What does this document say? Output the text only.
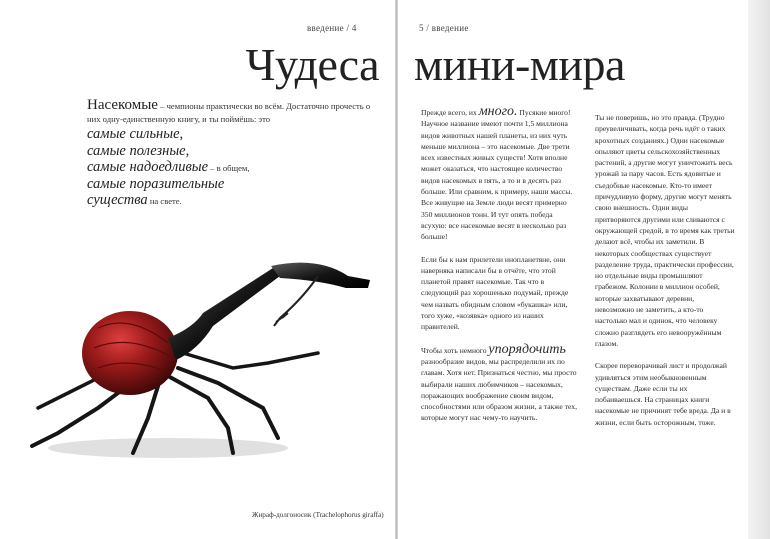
введение / 4
Чудеса
Насекомые – чемпионы практически во всём. Достаточно прочесть о них одну-единственную книгу, и ты поймёшь: это
самые сильные,
самые полезные,
самые надоедливые – в общем,
самые поразительные
существа на свете.
Жираф-долгоносик (Trachelophorus giraffa)
5 / введение
мини-мира

Прежде всего, их много. Пусякие много! Научное название имеют почти 1,5 миллиона видов животных нашей планеты, из них чуть меньше миллиона – это насекомые. Две трети всех известных живых существ! Хотя вполне может оказаться, что настоящее количество видов насекомых в пять, а то и в десять раз больше. Или сравним, к примеру, наши массы. Все живущие на Земле люди весят примерно 350 миллионов тонн. И тут опять победа всухую: все насекомые весят в несколько раз больше!

Если бы к нам прилетели инопланетяне, они наверняка написали бы в отчёте, что этой планетой правят насекомые. Так что в следующий раз хорошенько подумай, прежде чем назвать обидным словом «букашка» или, того хуже, «козявка» одного из наших правителей.

Чтобы хоть немного упорядочить разнообразие видов, мы распределили их по главам. Хотя нет. Признаться честно, мы просто выбирали наших любимчиков – насекомых, поражающих воображение своим видом, способностями или образом жизни, а также тех, которые могут нас чему-то научить.

Ты не поверишь, но это правда. (Трудно преувеличивать, когда речь идёт о таких крохотных созданиях.) Одни насекомые опыляют цветы сельскохозяйственных растений, а другие могут уничтожить весь урожай за пару часов. Есть ядовитые и съедобные насекомые. Кто-то имеет причудливую форму, другие могут менять свою внешность. Одни виды притворяются другими или сливаются с окружающей средой, в то время как третьи делают всё, чтобы их заметили. В некоторых сообществах существует разделение труда, практически профессии, но отдельные виды промышляют грабежом. Колонии в миллион особей, которые захватывают деревни, невозможно не заметить, а кто-то настолько мал и одинок, что человеку сложно разглядеть его невооружённым глазом.

Скорее переворачивай лист и продолжай удивляться этим необыкновенным существам. Даже если ты их побаиваешься. На страницах книги насекомые не причинят тебе вреда. Да и в жизни, если быть осторожным, тоже.
